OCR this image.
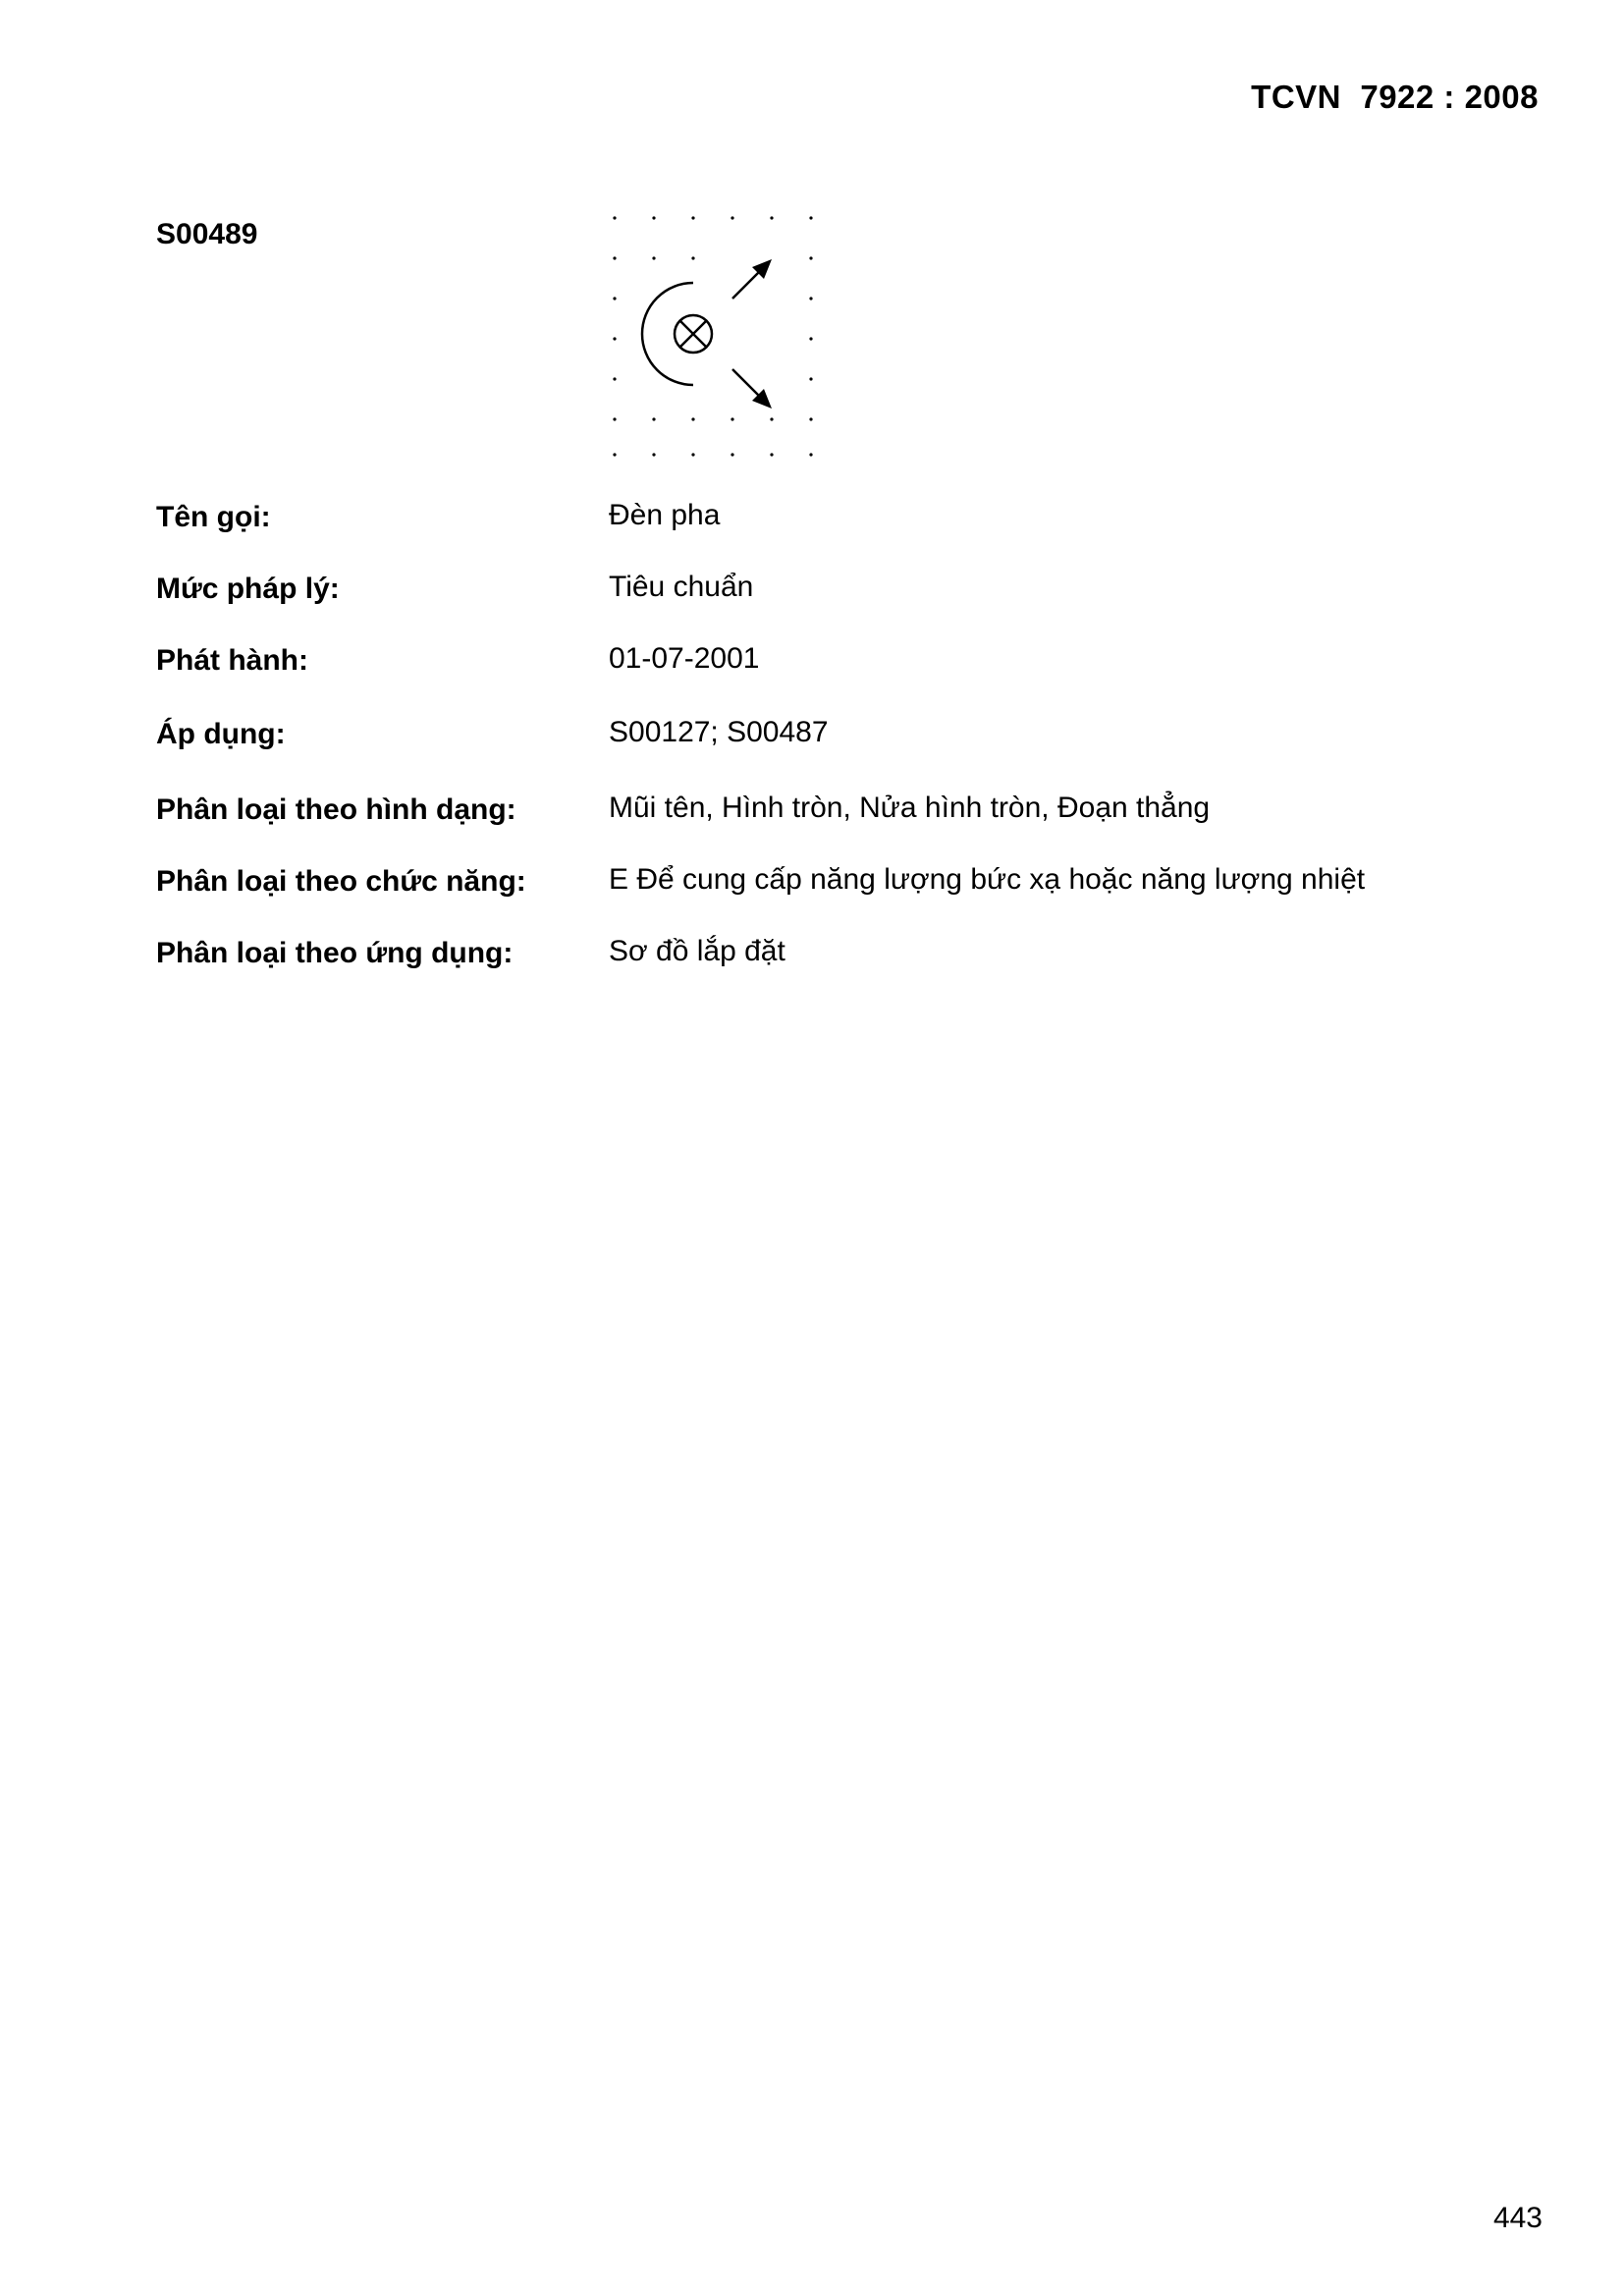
TCVN  7922 : 2008
S00489
Tên gọi:	Đèn pha
Mức pháp lý:	Tiêu chuẩn
Phát hành:	01-07-2001
Áp dụng:	S00127; S00487
Phân loại theo hình dạng:	Mũi tên, Hình tròn, Nửa hình tròn, Đoạn thẳng
Phân loại theo chức năng:	E Để cung cấp năng lượng bức xạ hoặc năng lượng nhiệt
Phân loại theo ứng dụng:	Sơ đồ lắp đặt
443
